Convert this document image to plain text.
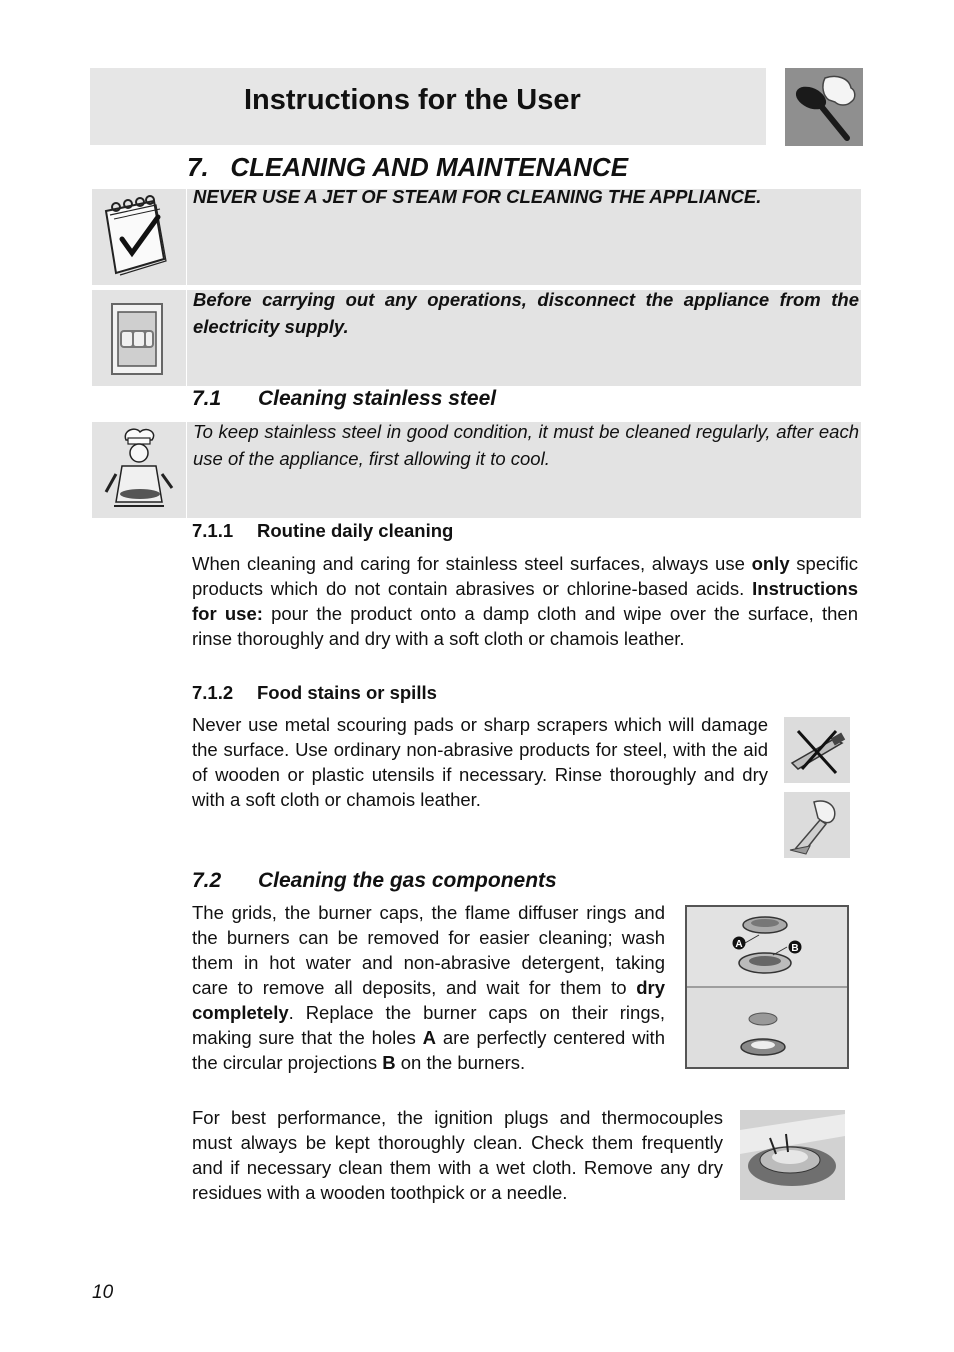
Instructions for the User
7.   CLEANING AND MAINTENANCE
NEVER USE A JET OF STEAM FOR CLEANING THE APPLIANCE.
Before carrying out any operations, disconnect the appliance from the electricity supply.
7.1 Cleaning stainless steel
To keep stainless steel in good condition, it must be cleaned regularly, after each use of the appliance, first allowing it to cool.
7.1.1 Routine daily cleaning
When cleaning and caring for stainless steel surfaces, always use only specific products which do not contain abrasives or chlorine-based acids. Instructions for use: pour the product onto a damp cloth and wipe over the surface, then rinse thoroughly and dry with a soft cloth or chamois leather.
7.1.2 Food stains or spills
Never use metal scouring pads or sharp scrapers which will damage the surface. Use ordinary non-abrasive products for steel, with the aid of wooden or plastic utensils if necessary. Rinse thoroughly and dry with a soft cloth or chamois leather.
7.2 Cleaning the gas components
The grids, the burner caps, the flame diffuser rings and the burners can be removed for easier cleaning; wash them in hot water and non-abrasive detergent, taking care to remove all deposits, and wait for them to dry completely. Replace the burner caps on their rings, making sure that the holes A are perfectly centered with the circular projections B on the burners.
A	B
For best performance, the ignition plugs and thermocouples must always be kept thoroughly clean. Check them frequently and if necessary clean them with a wet cloth. Remove any dry residues with a wooden toothpick or a needle.
10
